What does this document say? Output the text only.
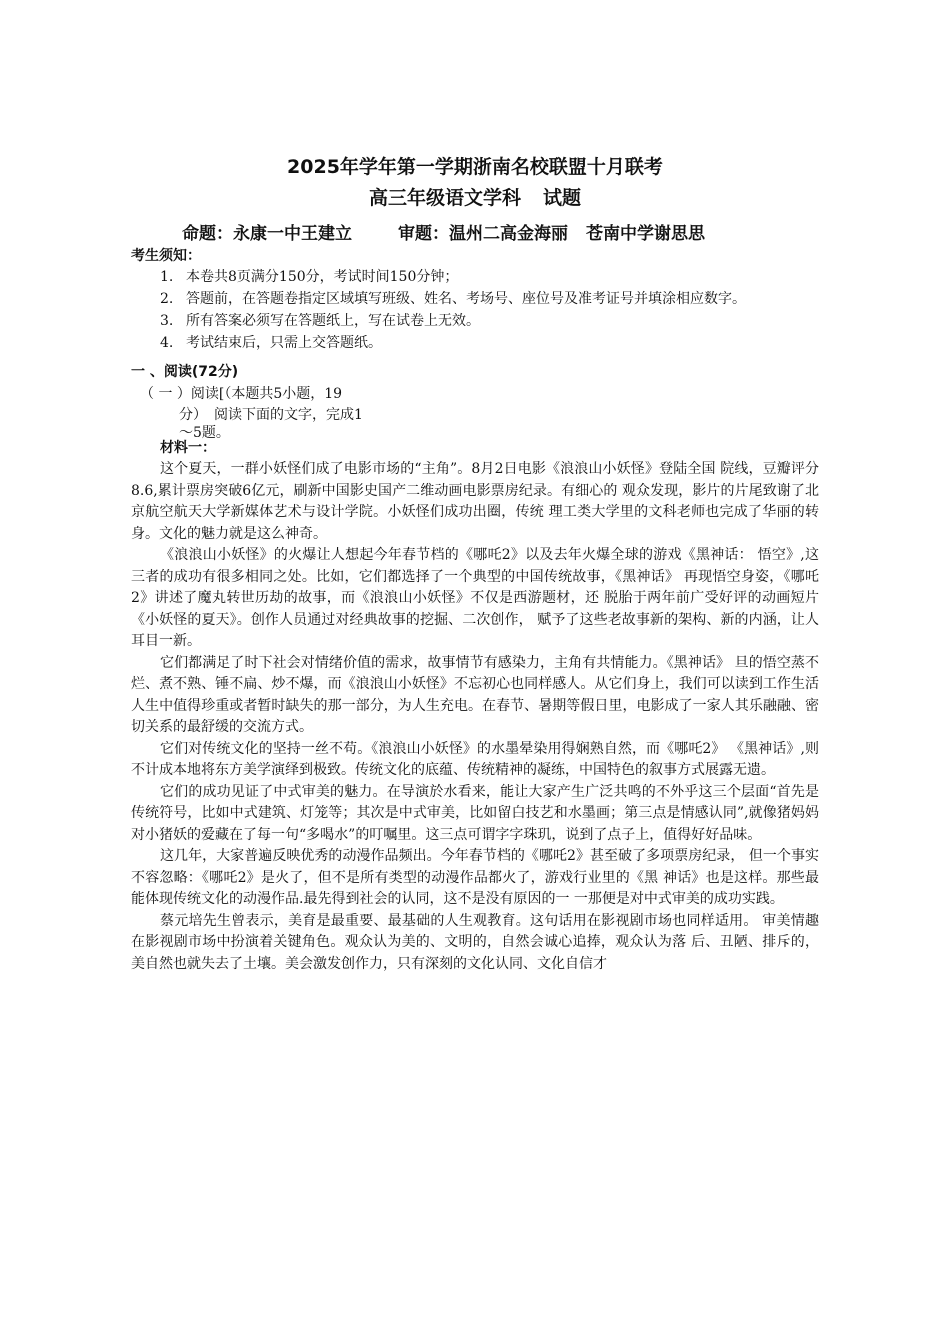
2025年学年第一学期浙南名校联盟十月联考
高三年级语文学科 试题
命题：永康一中王建立	审题：温州二高金海丽 苍南中学谢思思
考生须知：
1. 本卷共8页满分150分，考试时间150分钟；
2. 答题前，在答题卷指定区域填写班级、姓名、考场号、座位号及准考证号并填涂相应数字。
3. 所有答案必须写在答题纸上，写在试卷上无效。
4. 考试结束后，只需上交答题纸。
一 、阅读(72分)
（ 一 ）阅读[（本题共5小题，19
分）　阅读下面的文字，完成1
～5题。
材料一：

这个夏天，一群小妖怪们成了电影市场的“主角”。8月2日电影《浪浪山小妖怪》登陆全国 院线，豆瓣评分8.6,累计票房突破6亿元，刷新中国影史国产二维动画电影票房纪录。有细心的 观众发现，影片的片尾致谢了北京航空航天大学新媒体艺术与设计学院。小妖怪们成功出圈，传统 理工类大学里的文科老师也完成了华丽的转身。文化的魅力就是这么神奇。

《浪浪山小妖怪》的火爆让人想起今年春节档的《哪吒2》以及去年火爆全球的游戏《黑神话： 悟空》,这三者的成功有很多相同之处。比如，它们都选择了一个典型的中国传统故事，《黑神话》 再现悟空身姿，《哪吒2》讲述了魔丸转世历劫的故事，而《浪浪山小妖怪》不仅是西游题材，还 脱胎于两年前广受好评的动画短片《小妖怪的夏天》。创作人员通过对经典故事的挖掘、二次创作， 赋予了这些老故事新的架构、新的内涵，让人耳目一新。

它们都满足了时下社会对情绪价值的需求，故事情节有感染力，主角有共情能力。《黑神话》 旦的悟空蒸不烂、煮不熟、锤不扁、炒不爆，而《浪浪山小妖怪》不忘初心也同样感人。从它们身上，我们可以读到工作生活 人生中值得珍重或者暂时缺失的那一部分，为人生充电。在春节、暑期等假日里，电影成了一家人其乐融融、密切关系的最舒缓的交流方式。

它们对传统文化的坚持一丝不苟。《浪浪山小妖怪》的水墨晕染用得娴熟自然，而《哪吒2》 《黑神话》,则不计成本地将东方美学演绎到极致。传统文化的底蕴、传统精神的凝练，中国特色的叙事方式展露无遗。

它们的成功见证了中式审美的魅力。在导演於水看来，能让大家产生广泛共鸣的不外乎这三个层面“首先是传统符号，比如中式建筑、灯笼等；其次是中式审美，比如留白技艺和水墨画；第三点是情感认同”,就像猪妈妈对小猪妖的爱藏在了每一句“多喝水”的叮嘱里。这三点可谓字字珠玑，说到了点子上，值得好好品味。

这几年，大家普遍反映优秀的动漫作品频出。今年春节档的《哪吒2》甚至破了多项票房纪录， 但一个事实不容忽略：《哪吒2》是火了，但不是所有类型的动漫作品都火了，游戏行业里的《黑 神话》也是这样。那些最能体现传统文化的动漫作品.最先得到社会的认同，这不是没有原因的一 一那便是对中式审美的成功实践。

蔡元培先生曾表示，美育是最重要、最基础的人生观教育。这句话用在影视剧市场也同样适用。 审美情趣在影视剧市场中扮演着关键角色。观众认为美的、文明的，自然会诚心追捧，观众认为落 后、丑陋、排斥的，美自然也就失去了土壤。美会激发创作力，只有深刻的文化认同、文化自信才
